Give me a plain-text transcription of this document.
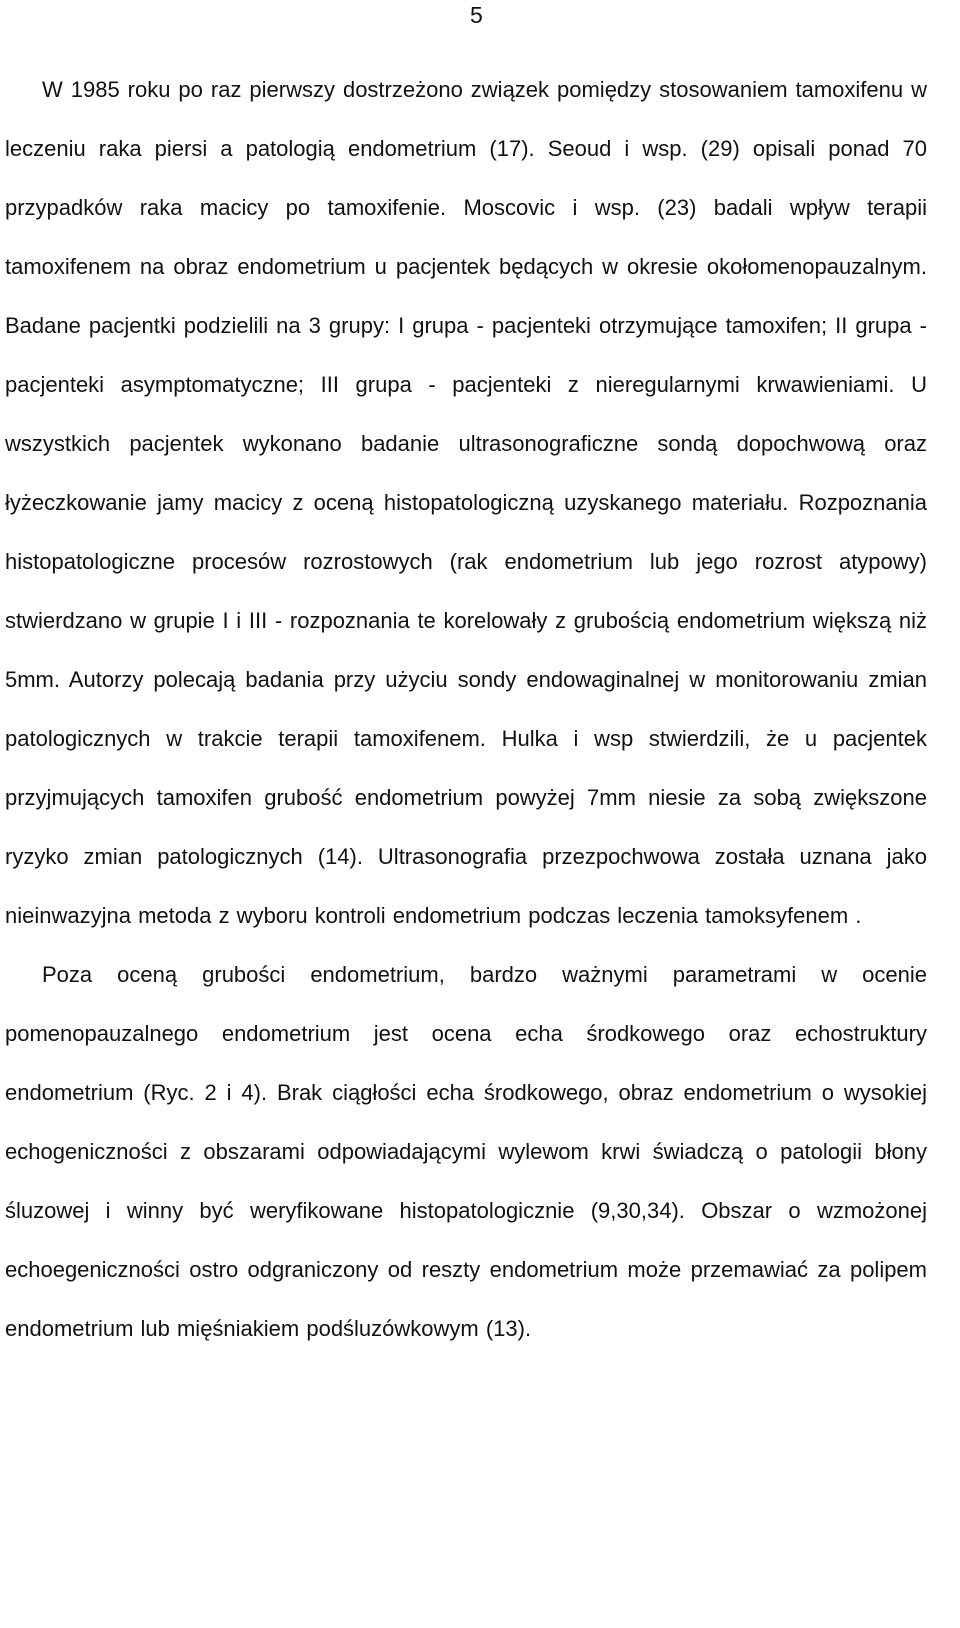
5

W 1985 roku po raz pierwszy dostrzeżono związek pomiędzy stosowaniem tamoxifenu w leczeniu raka piersi a patologią endometrium (17). Seoud i wsp. (29) opisali ponad 70 przypadków raka macicy po tamoxifenie. Moscovic i wsp. (23) badali wpływ terapii tamoxifenem na obraz endometrium u pacjentek będących w okresie okołomenopauzalnym. Badane pacjentki podzielili na 3 grupy: I grupa - pacjenteki otrzymujące tamoxifen; II grupa - pacjenteki asymptomatyczne; III grupa - pacjenteki z nieregularnymi krwawieniami. U wszystkich pacjentek wykonano badanie ultrasonograficzne sondą dopochwową oraz łyżeczkowanie jamy macicy z oceną histopatologiczną uzyskanego materiału. Rozpoznania histopatologiczne procesów rozrostowych (rak endometrium lub jego rozrost atypowy) stwierdzano w grupie I i III - rozpoznania te korelowały z grubością endometrium większą niż 5mm. Autorzy polecają badania przy użyciu sondy endowaginalnej w monitorowaniu zmian patologicznych w trakcie terapii tamoxifenem. Hulka i wsp stwierdzili, że u pacjentek przyjmujących tamoxifen grubość endometrium powyżej 7mm niesie za sobą zwiększone ryzyko zmian patologicznych (14). Ultrasonografia przezpochwowa została uznana jako nieinwazyjna metoda z wyboru kontroli endometrium podczas leczenia tamoksyfenem .

Poza oceną grubości endometrium, bardzo ważnymi parametrami w ocenie pomenopauzalnego endometrium jest ocena echa środkowego oraz echostruktury endometrium (Ryc. 2 i 4). Brak ciągłości echa środkowego, obraz endometrium o wysokiej echogeniczności z obszarami odpowiadającymi wylewom krwi świadczą o patologii błony śluzowej i winny być weryfikowane histopatologicznie (9,30,34). Obszar o wzmożonej echoegeniczności ostro odgraniczony od reszty endometrium może przemawiać za polipem endometrium lub mięśniakiem podśluzówkowym (13).
